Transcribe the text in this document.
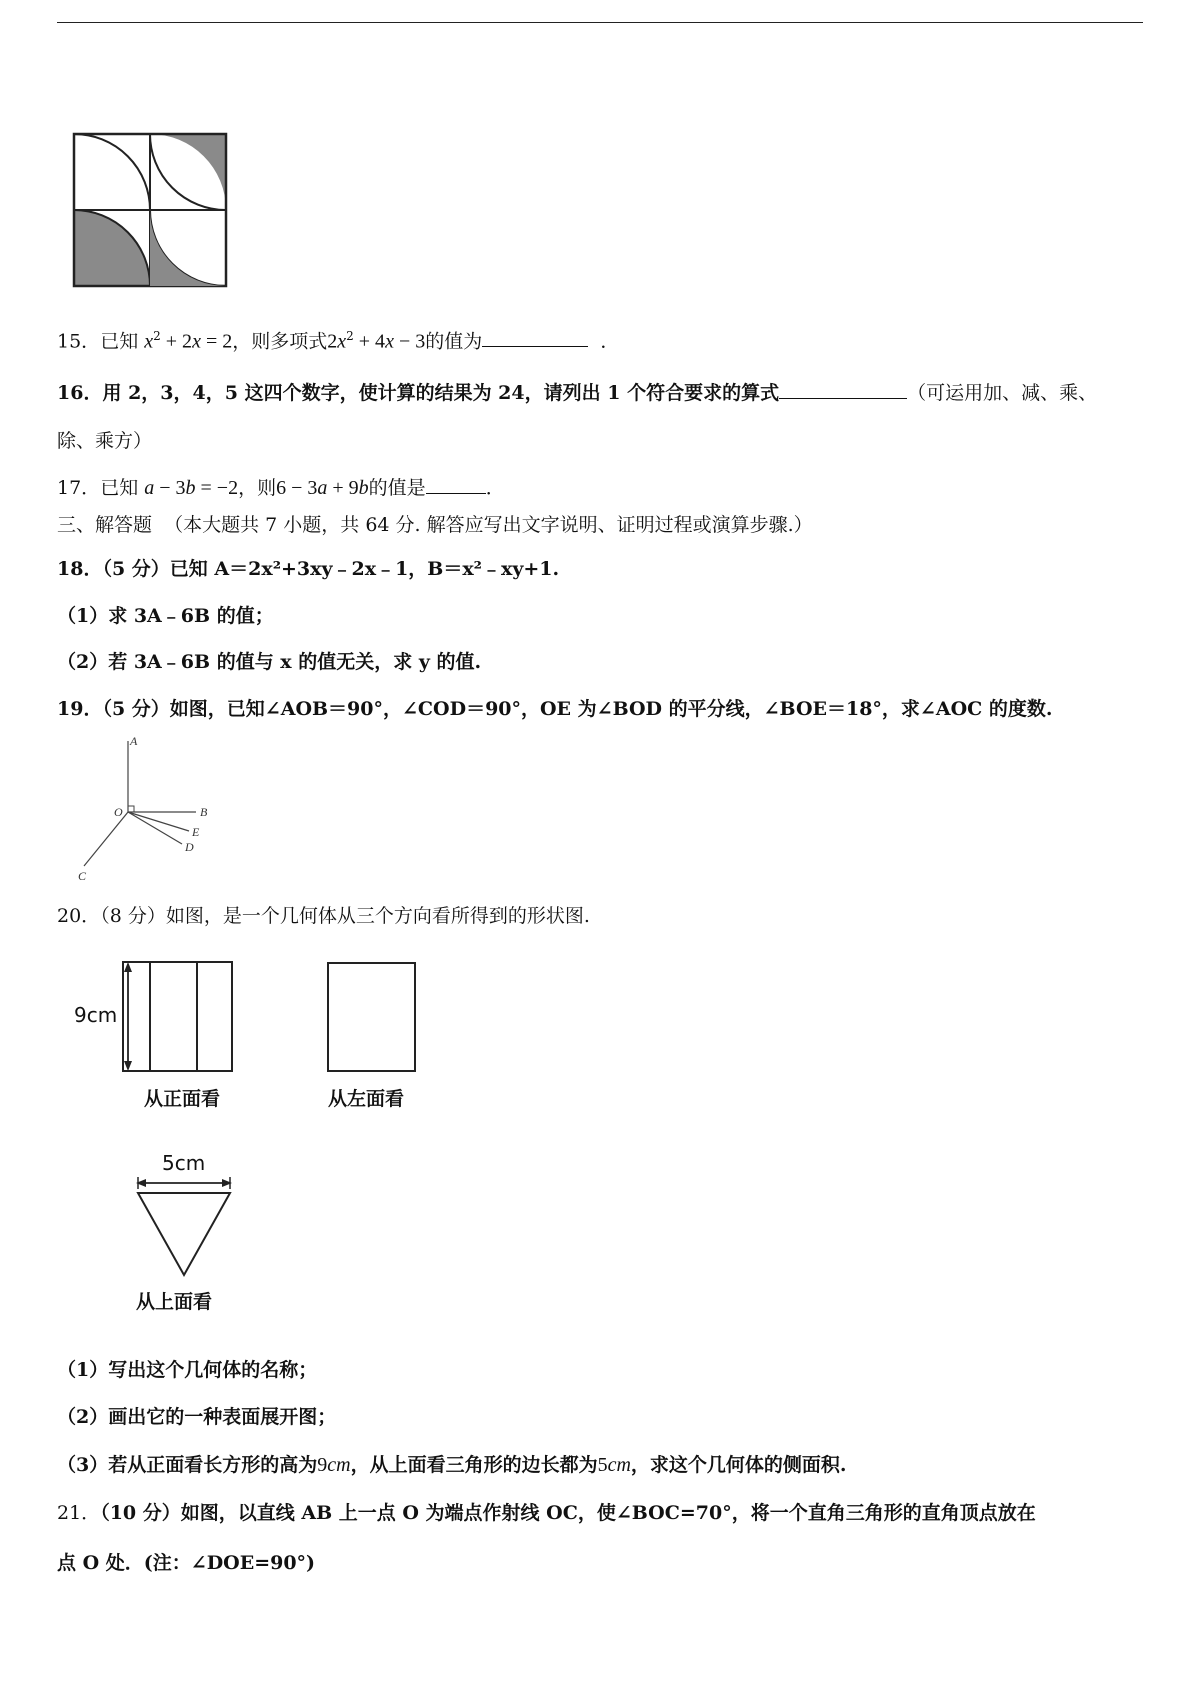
15．已知 $x^2 + 2x = 2$，则多项式$2x^2 + 4x - 3$的值为	．
16．用 2，3，4，5 这四个数字，使计算的结果为 24，请列出 1 个符合要求的算式	（可运用加、减、乘、
除、乘方）
17．已知 a − 3b = −2，则6 − 3a + 9b的值是	．
三、解答题 （本大题共 7 小题，共 64 分. 解答应写出文字说明、证明过程或演算步骤.）
18．（5 分）已知 A＝2x²+3xy﹣2x﹣1，B＝x²﹣xy+1.
（1）求 3A﹣6B 的值；
（2）若 3A﹣6B 的值与 x 的值无关，求 y 的值.
19．（5 分）如图，已知∠AOB＝90°，∠COD＝90°，OE 为∠BOD 的平分线，∠BOE＝18°，求∠AOC 的度数.
A
O	B
E
D
C
20．（8 分）如图，是一个几何体从三个方向看所得到的形状图.
9cm
从正面看	从左面看
5cm
从上面看
（1）写出这个几何体的名称；
（2）画出它的一种表面展开图；
（3）若从正面看长方形的高为9cm，从上面看三角形的边长都为5cm，求这个几何体的侧面积.
21．（10 分）如图，以直线 AB 上一点 O 为端点作射线 OC，使∠BOC=70°，将一个直角三角形的直角顶点放在
点 O 处．(注：∠DOE=90°)
